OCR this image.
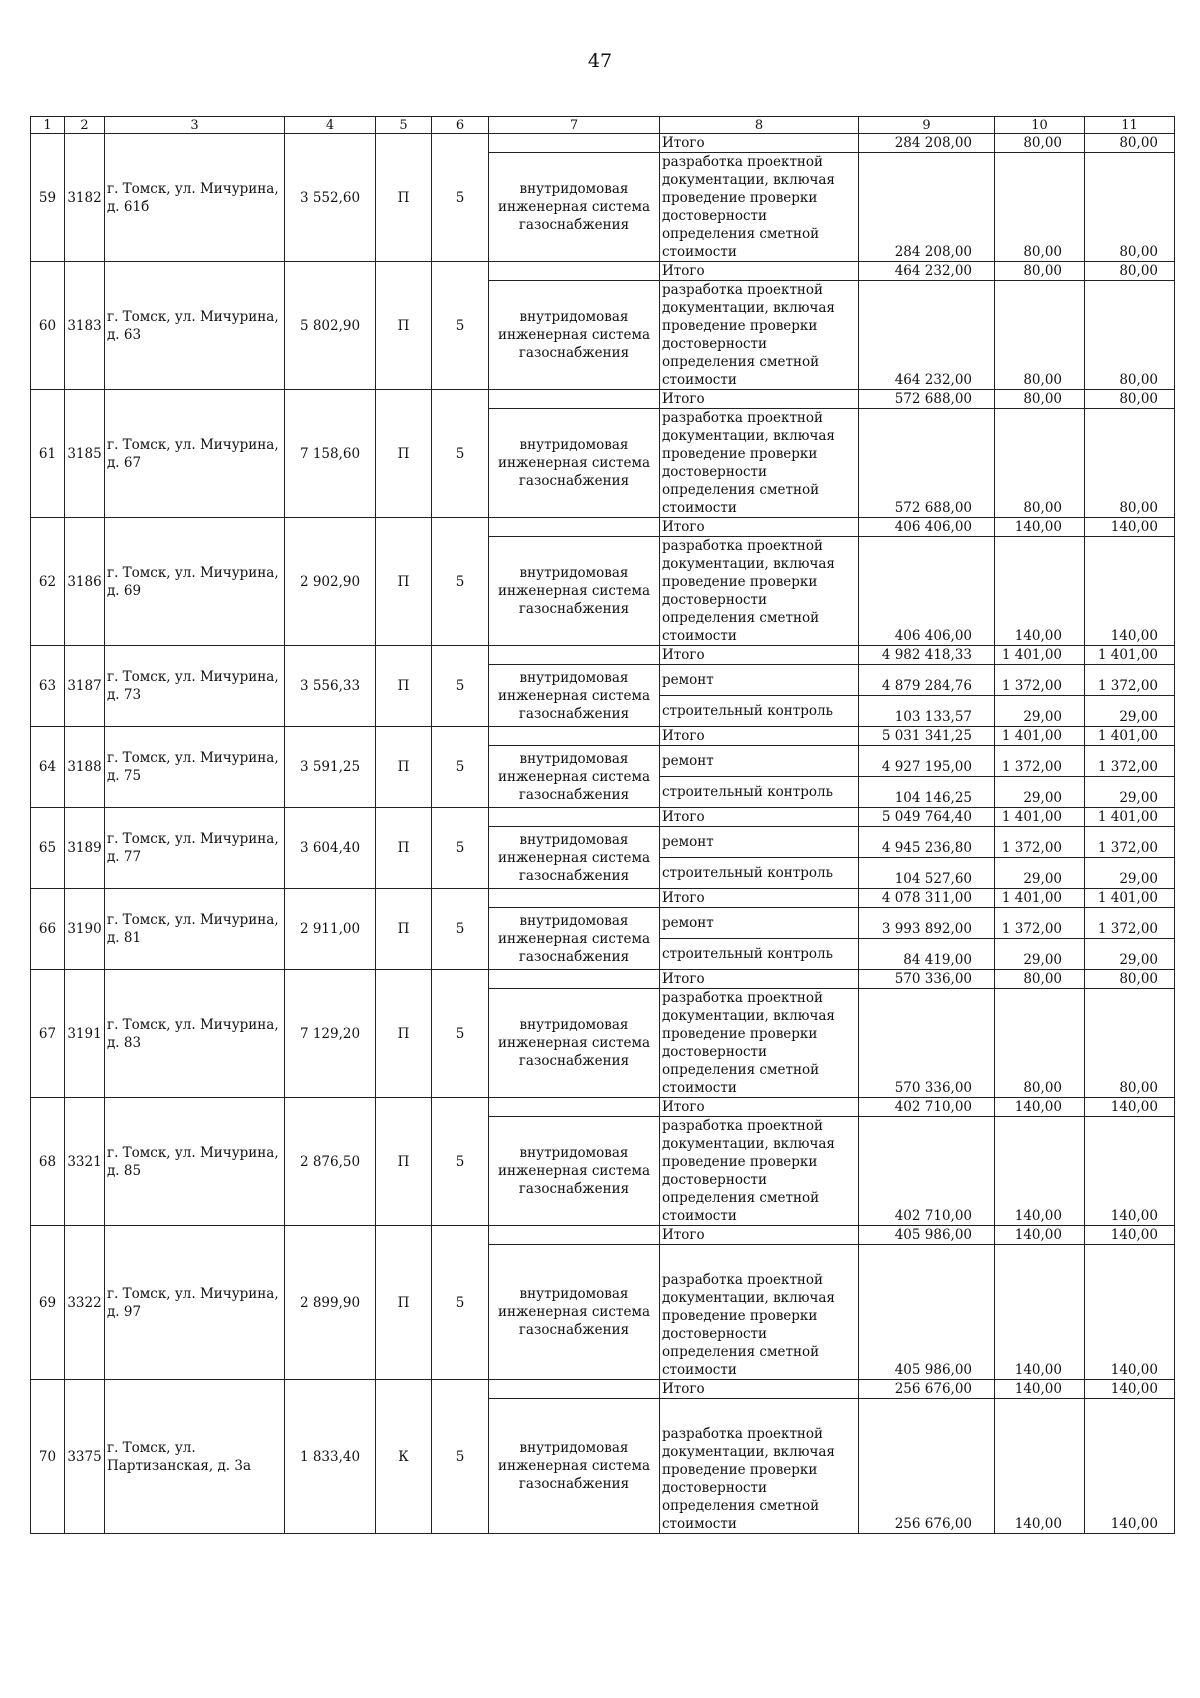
47
1	2	3	4	5	6	7	8	9	10	11
59	3182	г. Томск, ул. Мичурина, д. 61б	3 552,60	П	5		Итого	284 208,00	80,00	80,00
						внутридомовая инженерная система газоснабжения	разработка проектной документации, включая проведение проверки достоверности определения сметной стоимости	284 208,00	80,00	80,00
60	3183	г. Томск, ул. Мичурина, д. 63	5 802,90	П	5		Итого	464 232,00	80,00	80,00
						внутридомовая инженерная система газоснабжения	разработка проектной документации, включая проведение проверки достоверности определения сметной стоимости	464 232,00	80,00	80,00
61	3185	г. Томск, ул. Мичурина, д. 67	7 158,60	П	5		Итого	572 688,00	80,00	80,00
						внутридомовая инженерная система газоснабжения	разработка проектной документации, включая проведение проверки достоверности определения сметной стоимости	572 688,00	80,00	80,00
62	3186	г. Томск, ул. Мичурина, д. 69	2 902,90	П	5		Итого	406 406,00	140,00	140,00
						внутридомовая инженерная система газоснабжения	разработка проектной документации, включая проведение проверки достоверности определения сметной стоимости	406 406,00	140,00	140,00
63	3187	г. Томск, ул. Мичурина, д. 73	3 556,33	П	5		Итого	4 982 418,33	1 401,00	1 401,00
						внутридомовая инженерная система газоснабжения	ремонт	4 879 284,76	1 372,00	1 372,00
							строительный контроль	103 133,57	29,00	29,00
64	3188	г. Томск, ул. Мичурина, д. 75	3 591,25	П	5		Итого	5 031 341,25	1 401,00	1 401,00
						внутридомовая инженерная система газоснабжения	ремонт	4 927 195,00	1 372,00	1 372,00
							строительный контроль	104 146,25	29,00	29,00
65	3189	г. Томск, ул. Мичурина, д. 77	3 604,40	П	5		Итого	5 049 764,40	1 401,00	1 401,00
						внутридомовая инженерная система газоснабжения	ремонт	4 945 236,80	1 372,00	1 372,00
							строительный контроль	104 527,60	29,00	29,00
66	3190	г. Томск, ул. Мичурина, д. 81	2 911,00	П	5		Итого	4 078 311,00	1 401,00	1 401,00
						внутридомовая инженерная система газоснабжения	ремонт	3 993 892,00	1 372,00	1 372,00
							строительный контроль	84 419,00	29,00	29,00
67	3191	г. Томск, ул. Мичурина, д. 83	7 129,20	П	5		Итого	570 336,00	80,00	80,00
						внутридомовая инженерная система газоснабжения	разработка проектной документации, включая проведение проверки достоверности определения сметной стоимости	570 336,00	80,00	80,00
68	3321	г. Томск, ул. Мичурина, д. 85	2 876,50	П	5		Итого	402 710,00	140,00	140,00
						внутридомовая инженерная система газоснабжения	разработка проектной документации, включая проведение проверки достоверности определения сметной стоимости	402 710,00	140,00	140,00
69	3322	г. Томск, ул. Мичурина, д. 97	2 899,90	П	5		Итого	405 986,00	140,00	140,00
						внутридомовая инженерная система газоснабжения	разработка проектной документации, включая проведение проверки достоверности определения сметной стоимости	405 986,00	140,00	140,00
70	3375	г. Томск, ул. Партизанская, д. 3а	1 833,40	К	5		Итого	256 676,00	140,00	140,00
						внутридомовая инженерная система газоснабжения	разработка проектной документации, включая проведение проверки достоверности определения сметной стоимости	256 676,00	140,00	140,00
